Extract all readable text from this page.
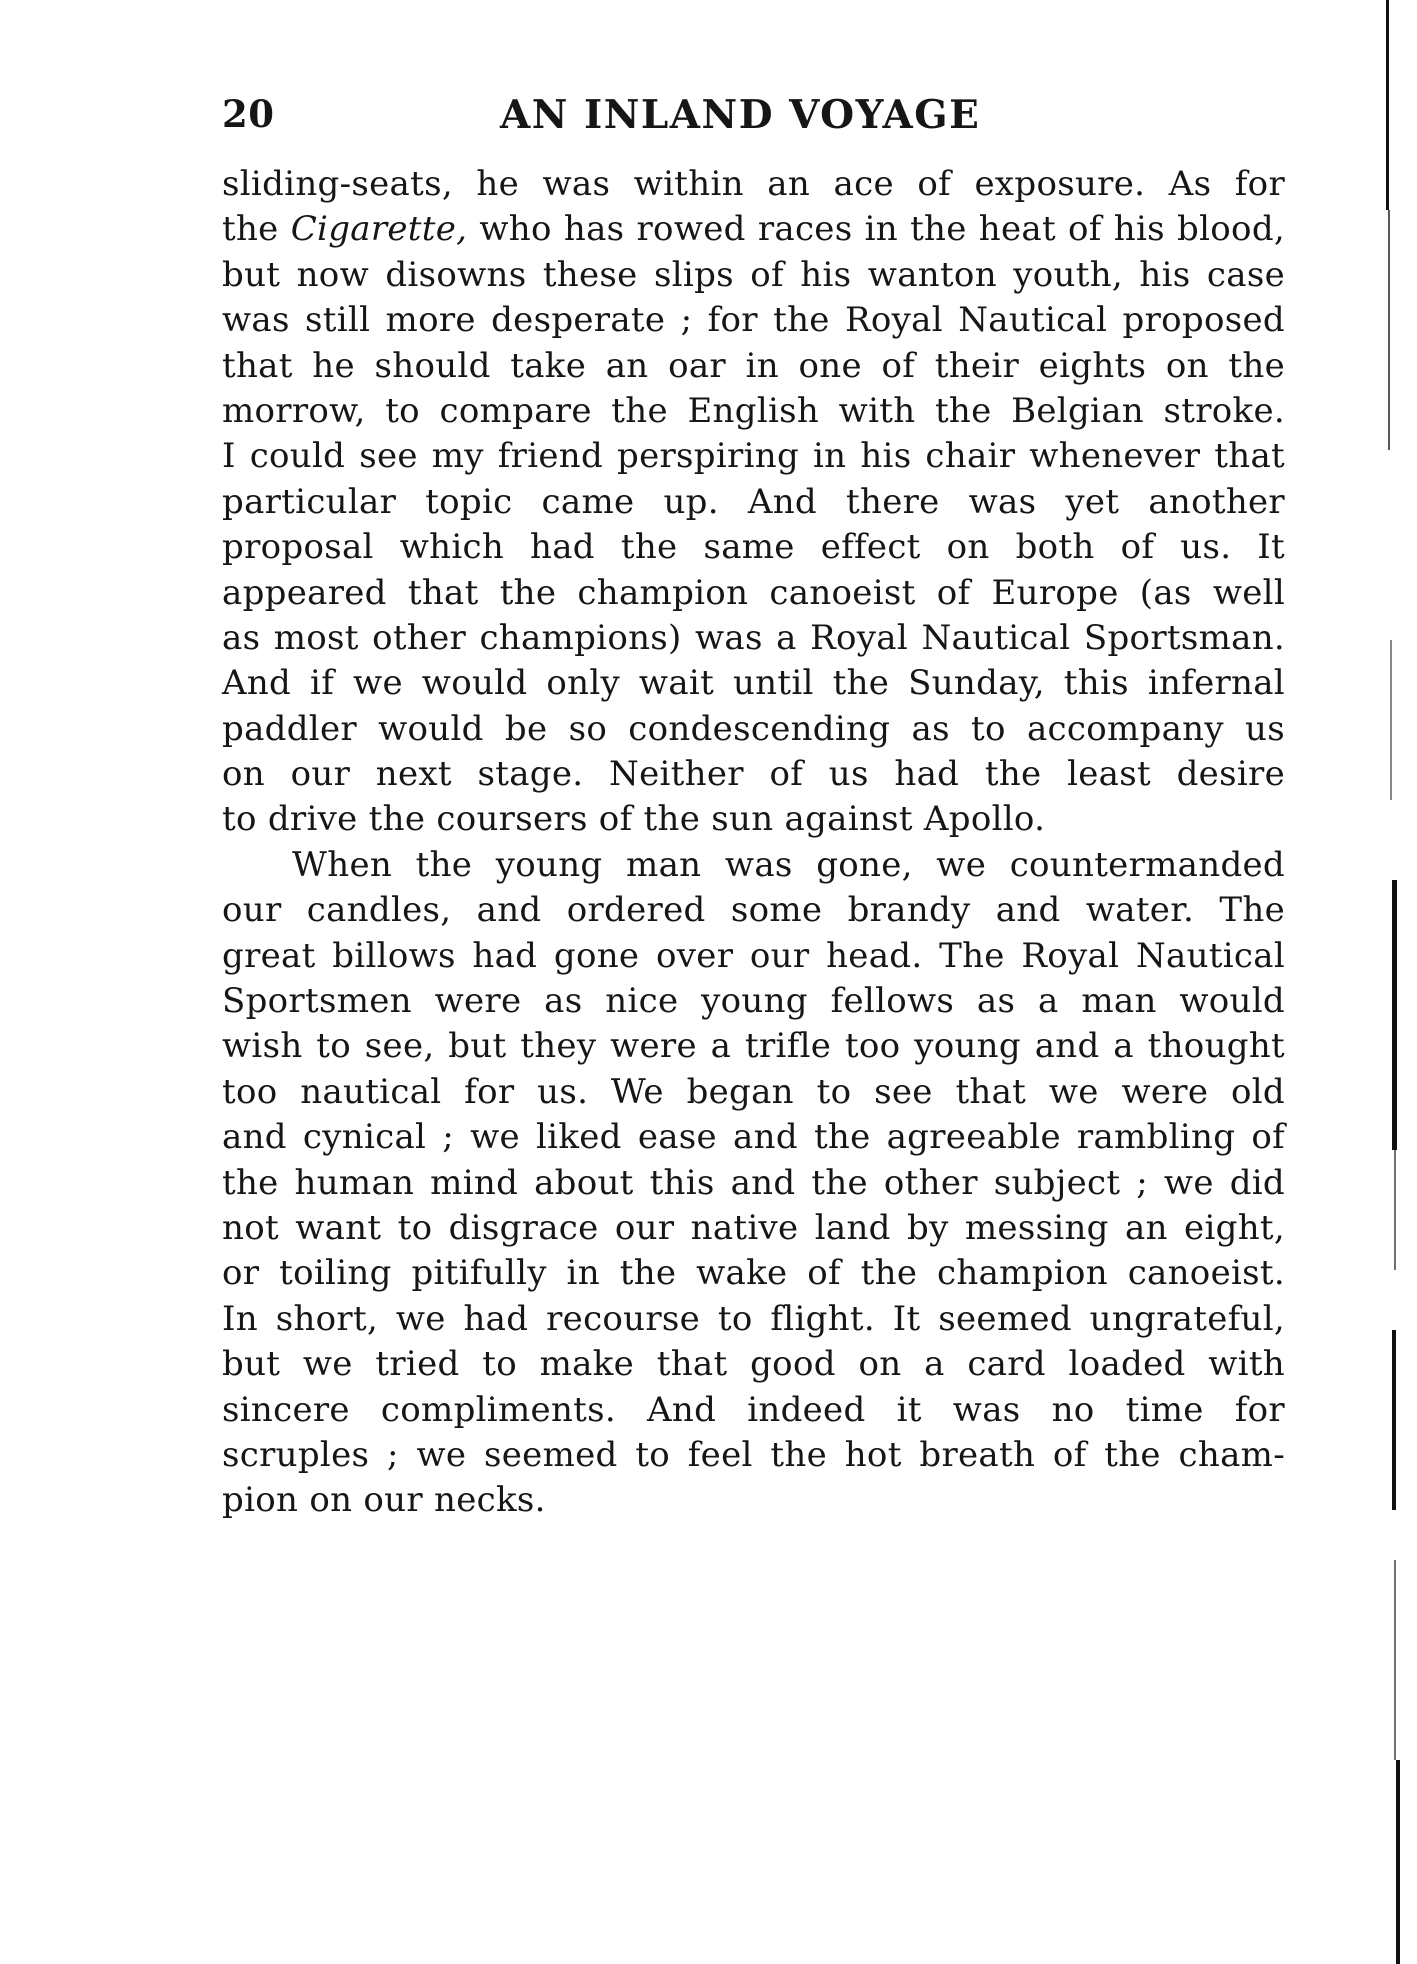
20	AN INLAND VOYAGE
sliding-seats, he was within an ace of exposure. As for
the Cigarette, who has rowed races in the heat of his blood,
but now disowns these slips of his wanton youth, his case
was still more desperate ; for the Royal Nautical proposed
that he should take an oar in one of their eights on the
morrow, to compare the English with the Belgian stroke.
I could see my friend perspiring in his chair whenever that
particular topic came up. And there was yet another
proposal which had the same effect on both of us. It
appeared that the champion canoeist of Europe (as well
as most other champions) was a Royal Nautical Sportsman.
And if we would only wait until the Sunday, this infernal
paddler would be so condescending as to accompany us
on our next stage. Neither of us had the least desire
to drive the coursers of the sun against Apollo.
When the young man was gone, we countermanded
our candles, and ordered some brandy and water. The
great billows had gone over our head. The Royal Nautical
Sportsmen were as nice young fellows as a man would
wish to see, but they were a trifle too young and a thought
too nautical for us. We began to see that we were old
and cynical ; we liked ease and the agreeable rambling of
the human mind about this and the other subject ; we did
not want to disgrace our native land by messing an eight,
or toiling pitifully in the wake of the champion canoeist.
In short, we had recourse to flight. It seemed ungrateful,
but we tried to make that good on a card loaded with
sincere compliments. And indeed it was no time for
scruples ; we seemed to feel the hot breath of the cham-
pion on our necks.
